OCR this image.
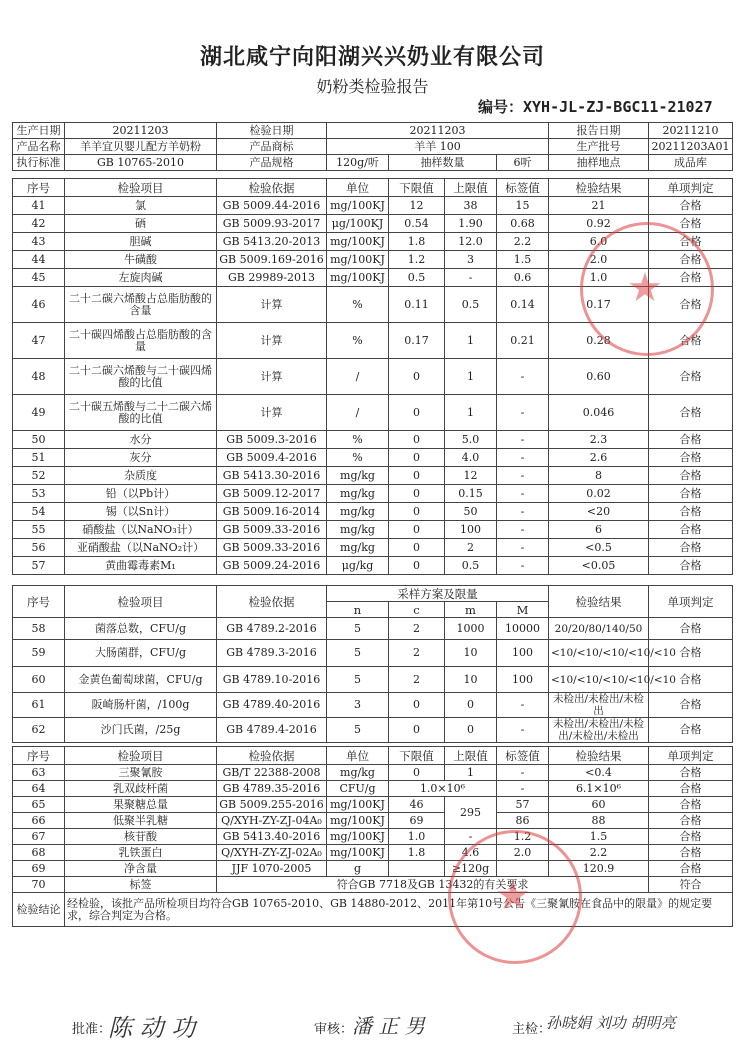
湖北咸宁向阳湖兴兴奶业有限公司
奶粉类检验报告
编号：XYH-JL-ZJ-BGC11-21027
生产日期	20211203	检验日期	20211203			报告日期	20211210
产品名称	羊羊宜贝婴儿配方羊奶粉	产品商标	羊羊 100			生产批号	20211203A01
执行标准	GB 10765-2010	产品规格	120g/听	抽样数量	6听	抽样地点	成品库
序号	检验项目	检验依据	单位	下限值	上限值	标签值	检验结果	单项判定
41	氯	GB 5009.44-2016	mg/100KJ	12	38	15	21	合格
42	硒	GB 5009.93-2017	μg/100KJ	0.54	1.90	0.68	0.92	合格
43	胆碱	GB 5413.20-2013	mg/100KJ	1.8	12.0	2.2	6.0	合格
44	牛磺酸	GB 5009.169-2016	mg/100KJ	1.2	3	1.5	2.0	合格
45	左旋肉碱	GB 29989-2013	mg/100KJ	0.5	-	0.6	1.0	合格
46	二十二碳六烯酸占总脂肪酸的含量	计算	%	0.11	0.5	0.14	0.17	合格
47	二十碳四烯酸占总脂肪酸的含量	计算	%	0.17	1	0.21	0.28	合格
48	二十二碳六烯酸与二十碳四烯酸的比值	计算	/	0	1	-	0.60	合格
49	二十碳五烯酸与二十二碳六烯酸的比值	计算	/	0	1	-	0.046	合格
50	水分	GB 5009.3-2016	%	0	5.0	-	2.3	合格
51	灰分	GB 5009.4-2016	%	0	4.0	-	2.6	合格
52	杂质度	GB 5413.30-2016	mg/kg	0	12	-	8	合格
53	铅（以Pb计）	GB 5009.12-2017	mg/kg	0	0.15	-	0.02	合格
54	锡（以Sn计）	GB 5009.16-2014	mg/kg	0	50	-	<20	合格
55	硝酸盐（以NaNO₃计）	GB 5009.33-2016	mg/kg	0	100	-	6	合格
56	亚硝酸盐（以NaNO₂计）	GB 5009.33-2016	mg/kg	0	2	-	<0.5	合格
57	黄曲霉毒素M₁	GB 5009.24-2016	μg/kg	0	0.5	-	<0.05	合格
序号	检验项目	检验依据	采样方案及限量				检验结果	单项判定
			n	c	m	M		
58	菌落总数，CFU/g	GB 4789.2-2016	5	2	1000	10000	20/20/80/140/50	合格
59	大肠菌群，CFU/g	GB 4789.3-2016	5	2	10	100	<10/<10/<10/<10/<10	合格
60	金黄色葡萄球菌，CFU/g	GB 4789.10-2016	5	2	10	100	<10/<10/<10/<10/<10	合格
61	阪崎肠杆菌，/100g	GB 4789.40-2016	3	0	0	-	未检出/未检出/未检出	合格
62	沙门氏菌，/25g	GB 4789.4-2016	5	0	0	-	未检出/未检出/未检出/未检出/未检出	合格
序号	检验项目	检验依据	单位	下限值	上限值	标签值	检验结果	单项判定
63	三聚氰胺	GB/T 22388-2008	mg/kg	0	1	-	<0.4	合格
64	乳双歧杆菌	GB 4789.35-2016	CFU/g	1.0×10⁶		-	6.1×10⁶	合格
65	果聚糖总量	GB 5009.255-2016	mg/100KJ	46	295	57	60	合格
66	低聚半乳糖	Q/XYH-ZY-ZJ-04A₀	mg/100KJ	69		86	88	合格
67	核苷酸	GB 5413.40-2016	mg/100KJ	1.0	-	1.2	1.5	合格
68	乳铁蛋白	Q/XYH-ZY-ZJ-02A₀	mg/100KJ	1.8	4.6	2.0	2.2	合格
69	净含量	JJF 1070-2005	g		≥120g		120.9	合格
70	标签	符合GB 7718及GB 13432的有关要求						符合
检验结论	经检验，该批产品所检项目均符合GB 10765-2010、GB 14880-2012、2011年第10号公告《三聚氰胺在食品中的限量》的规定要求，综合判定为合格。							
★
★
批准：
陈 动 功	审核：
潘 正 男	主检：
孙晓娟 刘功 胡明亮
